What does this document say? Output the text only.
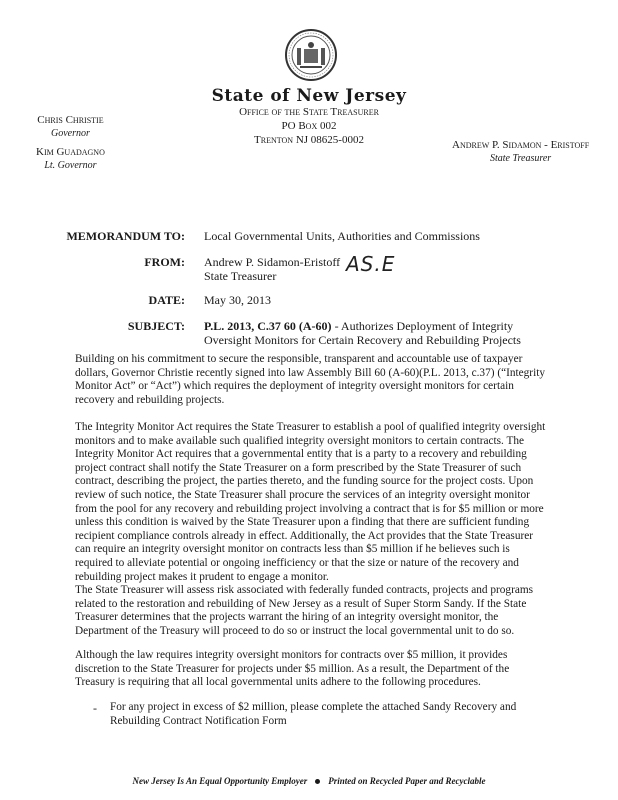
State of New Jersey
Office of the State Treasurer
PO Box 002
Trenton NJ 08625-0002
Chris Christie
Governor
Kim Guadagno
Lt. Governor
Andrew P. Sidamon - Eristoff
State Treasurer
MEMORANDUM TO: Local Governmental Units, Authorities and Commissions
FROM: Andrew P. Sidamon-Eristoff
State Treasurer	AS.E
DATE: May 30, 2013
SUBJECT: P.L. 2013, C.37 60 (A-60) - Authorizes Deployment of Integrity Oversight Monitors for Certain Recovery and Rebuilding Projects

Building on his commitment to secure the responsible, transparent and accountable use of taxpayer dollars, Governor Christie recently signed into law Assembly Bill 60 (A-60)(P.L. 2013, c.37) (“Integrity Monitor Act” or “Act”) which requires the deployment of integrity oversight monitors for certain recovery and rebuilding projects.

The Integrity Monitor Act requires the State Treasurer to establish a pool of qualified integrity oversight monitors and to make available such qualified integrity oversight monitors to certain contracts. The Integrity Monitor Act requires that a governmental entity that is a party to a recovery and rebuilding project contract shall notify the State Treasurer on a form prescribed by the State Treasurer of such contract, describing the project, the parties thereto, and the funding source for the project costs. Upon review of such notice, the State Treasurer shall procure the services of an integrity oversight monitor from the pool for any recovery and rebuilding project involving a contract that is for $5 million or more unless this condition is waived by the State Treasurer upon a finding that there are sufficient funding recipient compliance controls already in effect. Additionally, the Act provides that the State Treasurer can require an integrity oversight monitor on contracts less than $5 million if he believes such is required to alleviate potential or ongoing inefficiency or that the size or nature of the recovery and rebuilding project makes it prudent to engage a monitor.

The State Treasurer will assess risk associated with federally funded contracts, projects and programs related to the restoration and rebuilding of New Jersey as a result of Super Storm Sandy. If the State Treasurer determines that the projects warrant the hiring of an integrity oversight monitor, the Department of the Treasury will proceed to do so or instruct the local governmental unit to do so.

Although the law requires integrity oversight monitors for contracts over $5 million, it provides discretion to the State Treasurer for projects under $5 million. As a result, the Department of the Treasury is requiring that all local governmental units adhere to the following procedures.

- For any project in excess of $2 million, please complete the attached Sandy Recovery and Rebuilding Contract Notification Form

New Jersey Is An Equal Opportunity Employer Printed on Recycled Paper and Recyclable
